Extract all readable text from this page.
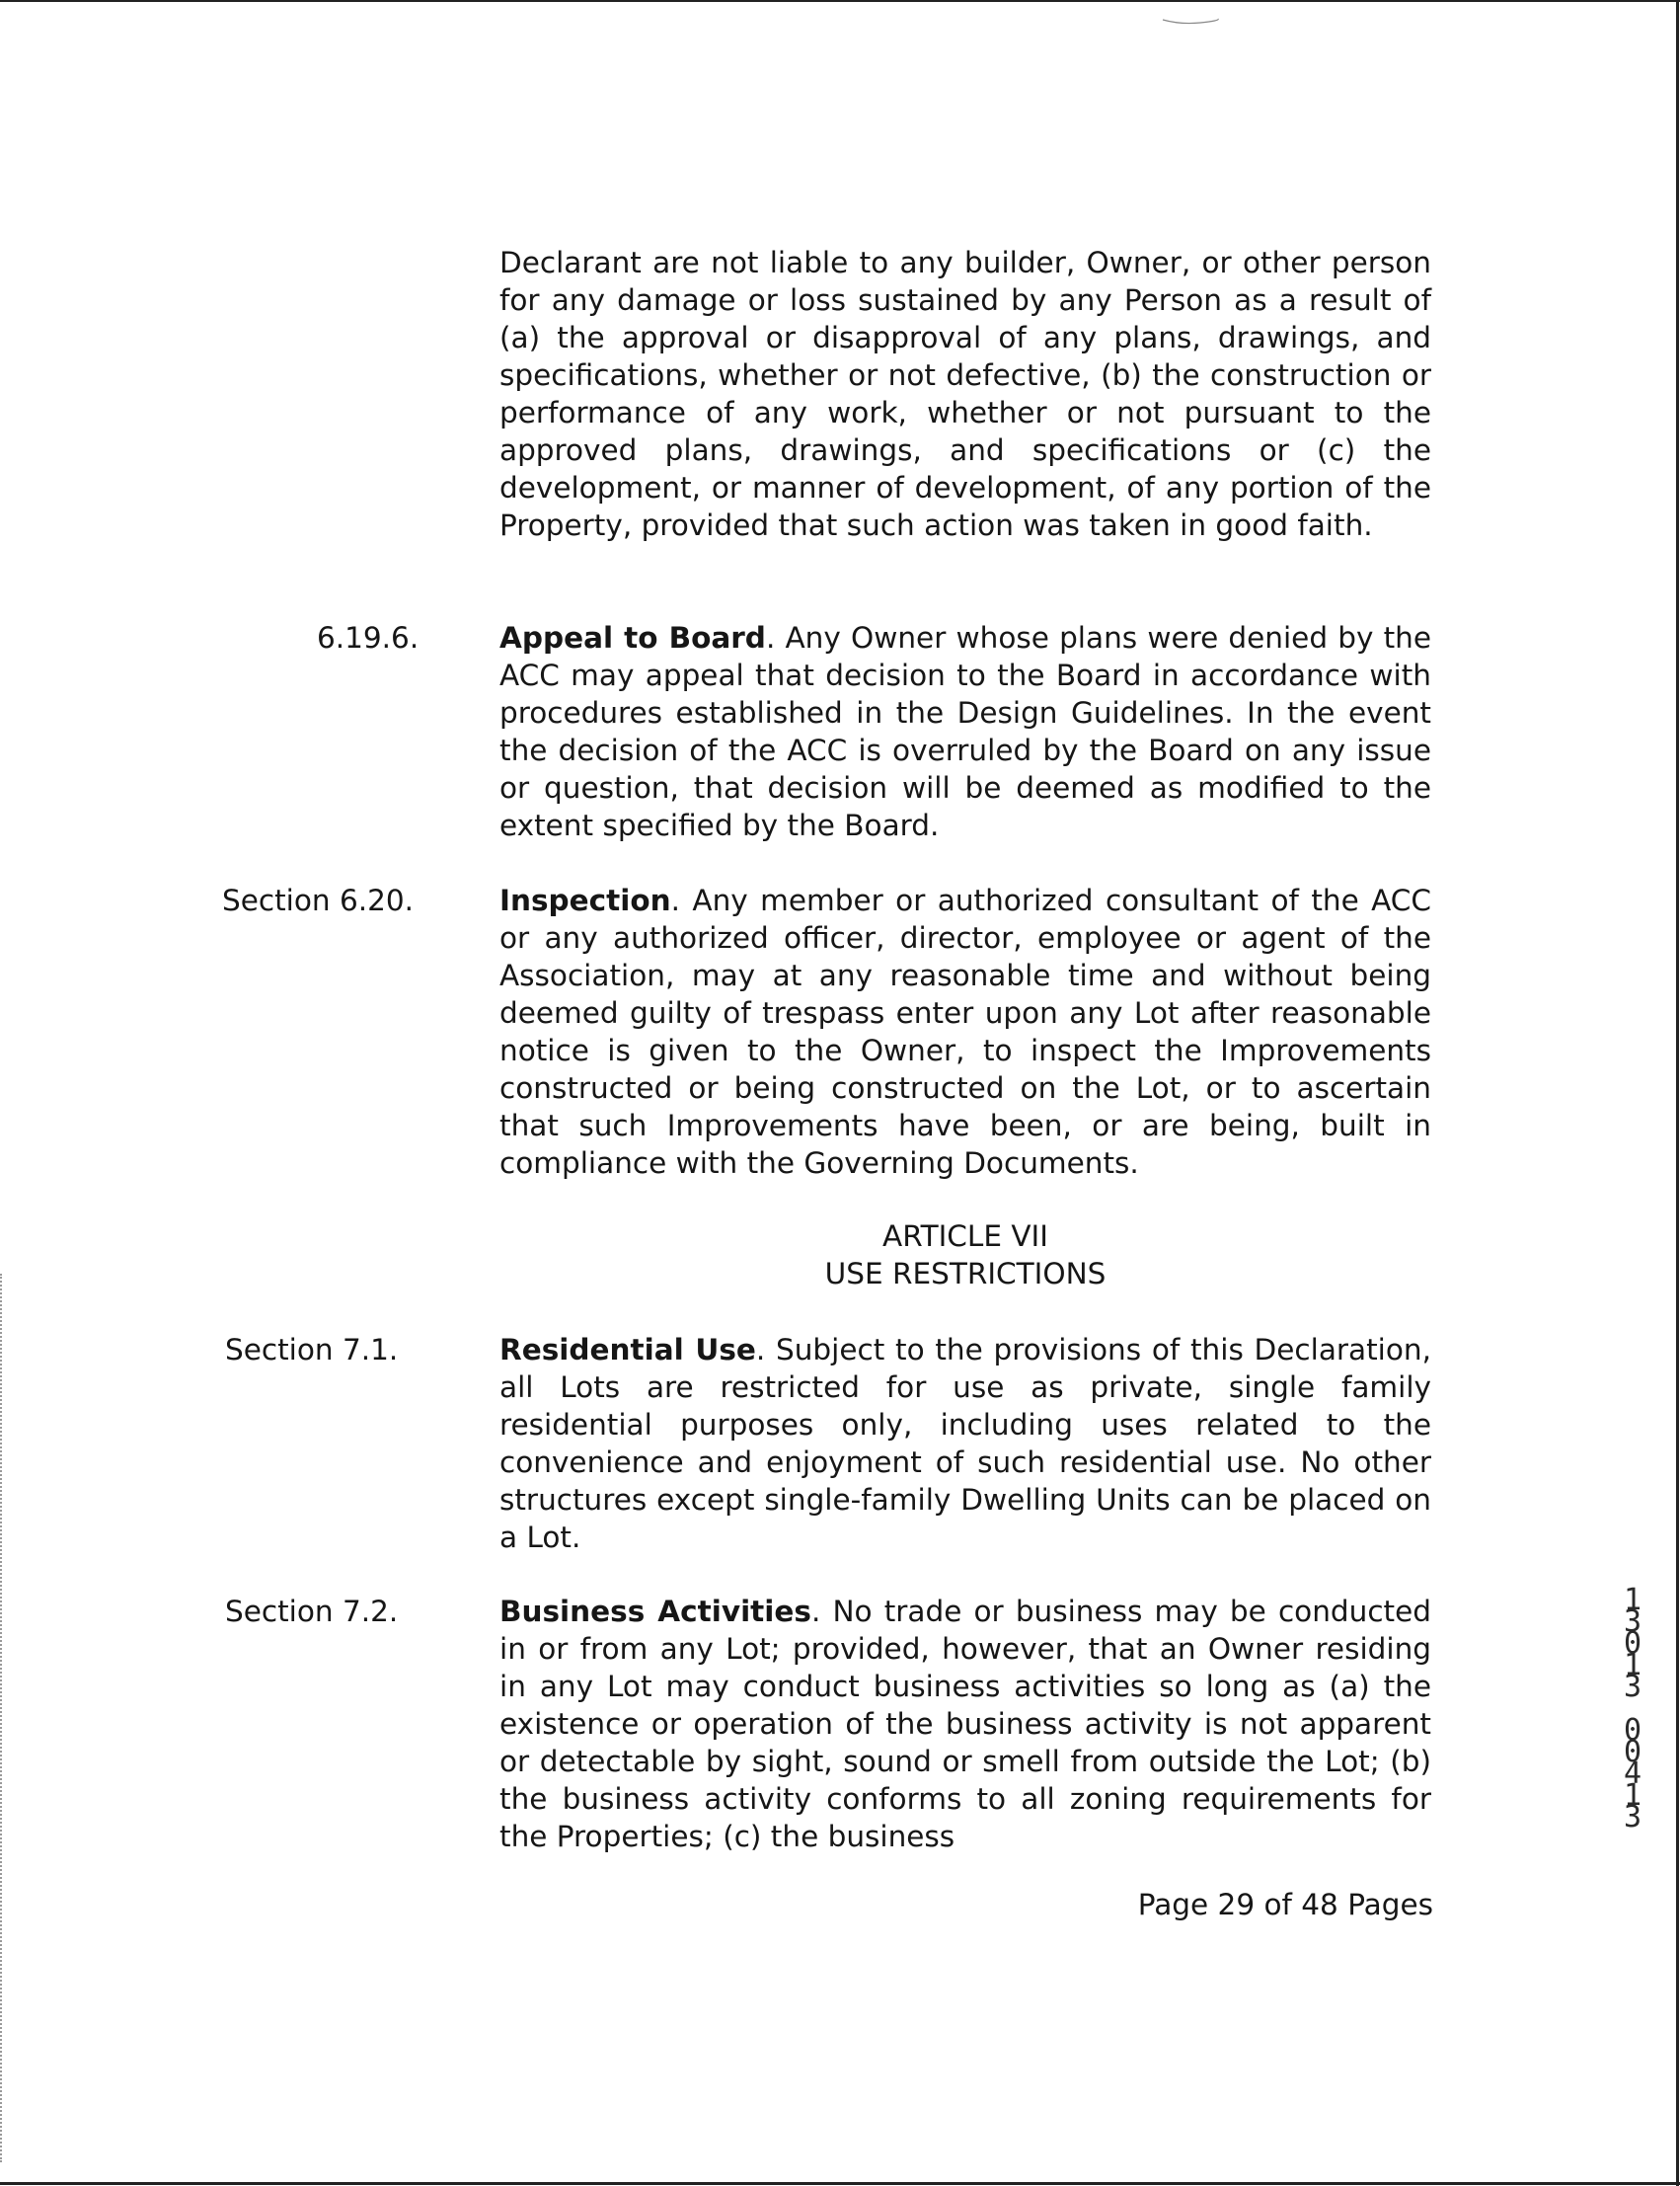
Declarant are not liable to any builder, Owner, or other person for any damage or loss sustained by any Person as a result of (a) the approval or disapproval of any plans, drawings, and specifications, whether or not defective, (b) the construction or performance of any work, whether or not pursuant to the approved plans, drawings, and specifications or (c) the development, or manner of development, of any portion of the Property, provided that such action was taken in good faith.

6.19.6.	Appeal to Board. Any Owner whose plans were denied by the ACC may appeal that decision to the Board in accordance with procedures established in the Design Guidelines. In the event the decision of the ACC is overruled by the Board on any issue or question, that decision will be deemed as modified to the extent specified by the Board.

Section 6.20.	Inspection. Any member or authorized consultant of the ACC or any authorized officer, director, employee or agent of the Association, may at any reasonable time and without being deemed guilty of trespass enter upon any Lot after reasonable notice is given to the Owner, to inspect the Improvements constructed or being constructed on the Lot, or to ascertain that such Improvements have been, or are being, built in compliance with the Governing Documents.

ARTICLE VII
USE RESTRICTIONS
Section 7.1.	Residential Use. Subject to the provisions of this Declaration, all Lots are restricted for use as private, single family residential purposes only, including uses related to the convenience and enjoyment of such residential use. No other structures except single-family Dwelling Units can be placed on a Lot.

Section 7.2.	Business Activities. No trade or business may be conducted in or from any Lot; provided, however, that an Owner residing in any Lot may conduct business activities so long as (a) the existence or operation of the business activity is not apparent or detectable by sight, sound or smell from outside the Lot; (b) the business activity conforms to all zoning requirements for the Properties; (c) the business

Page 29 of 48 Pages
1
3
0
1
3

0
0
4
1
3
